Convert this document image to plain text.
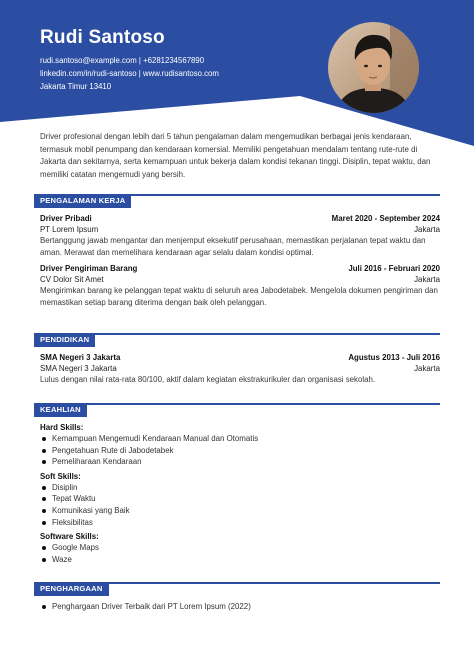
Rudi Santoso
rudi.santoso@example.com | +6281234567890
linkedin.com/in/rudi-santoso | www.rudisantoso.com
Jakarta Timur 13410
Driver profesional dengan lebih dari 5 tahun pengalaman dalam mengemudikan berbagai jenis kendaraan, termasuk mobil penumpang dan kendaraan komersial. Memiliki pengetahuan mendalam tentang rute-rute di Jakarta dan sekitarnya, serta kemampuan untuk bekerja dalam kondisi tekanan tinggi. Disiplin, tepat waktu, dan memiliki catatan mengemudi yang bersih.
PENGALAMAN KERJA
Driver Pribadi	Maret 2020 - September 2024
PT Lorem Ipsum	Jakarta
Bertanggung jawab mengantar dan menjemput eksekutif perusahaan, memastikan perjalanan tepat waktu dan aman. Merawat dan memelihara kendaraan agar selalu dalam kondisi optimal.
Driver Pengiriman Barang	Juli 2016 - Februari 2020
CV Dolor Sit Amet	Jakarta
Mengirimkan barang ke pelanggan tepat waktu di seluruh area Jabodetabek. Mengelola dokumen pengiriman dan memastikan setiap barang diterima dengan baik oleh pelanggan.
PENDIDIKAN
SMA Negeri 3 Jakarta	Agustus 2013 - Juli 2016
SMA Negeri 3 Jakarta	Jakarta
Lulus dengan nilai rata-rata 80/100, aktif dalam kegiatan ekstrakurikuler dan organisasi sekolah.
KEAHLIAN
Hard Skills:
Kemampuan Mengemudi Kendaraan Manual dan Otomatis
Pengetahuan Rute di Jabodetabek
Pemeliharaan Kendaraan
Soft Skills:
Disiplin
Tepat Waktu
Komunikasi yang Baik
Fleksibilitas
Software Skills:
Google Maps
Waze
PENGHARGAAN
Penghargaan Driver Terbaik dari PT Lorem Ipsum (2022)
